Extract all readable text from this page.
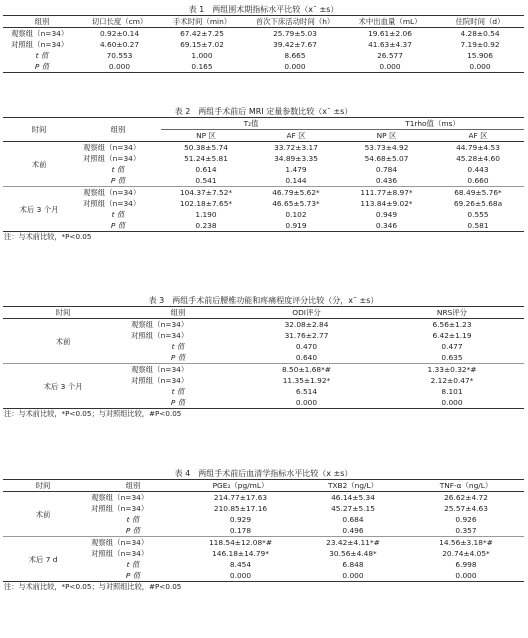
表 1　两组围术期指标水平比较（x¯ ±s）
组别	切口长度（cm）	手术时间（min）	首次下床活动时间（h）	术中出血量（mL）	住院时间（d）
观察组（n=34）	0.92±0.14	67.42±7.25	25.79±5.03	19.61±2.06	4.28±0.54
对照组（n=34）	4.60±0.27	69.15±7.02	39.42±7.67	41.63±4.37	7.19±0.92
t 值	70.553	1.000	8.665	26.577	15.906
P 值	0.000	0.165	0.000	0.000	0.000
表 2　两组手术前后 MRI 定量参数比较（x¯ ±s）
时间	组别	T₂值		T1rho值（ms）	
		NP 区	AF 区	NP 区	AF 区
术前	观察组（n=34）	50.38±5.74	33.72±3.17	53.73±4.92	44.79±4.53
	对照组（n=34）	51.24±5.81	34.89±3.35	54.68±5.07	45.28±4.60
	t 值	0.614	1.479	0.784	0.443
	P 值	0.541	0.144	0.436	0.660
术后 3 个月	观察组（n=34）	104.37±7.52*	46.79±5.62*	111.77±8.97*	68.49±5.76*
	对照组（n=34）	102.18±7.65*	46.65±5.73*	113.84±9.02*	69.26±5.68a
	t 值	1.190	0.102	0.949	0.555
	P 值	0.238	0.919	0.346	0.581
注：与术前比较，*P<0.05
表 3　两组手术前后腰椎功能和疼痛程度评分比较（分，x¯ ±s）
时间	组别	ODI评分	NRS评分
术前	观察组（n=34）	32.08±2.84	6.56±1.23
	对照组（n=34）	31.76±2.77	6.42±1.19
	t 值	0.470	0.477
	P 值	0.640	0.635
术后 3 个月	观察组（n=34）	8.50±1.68*#	1.33±0.32*#
	对照组（n=34）	11.35±1.92*	2.12±0.47*
	t 值	6.514	8.101
	P 值	0.000	0.000
注：与术前比较，*P<0.05；与对照组比较，#P<0.05
表 4　两组手术前后血清学指标水平比较（x ±s）
时间	组别	PGE₂（pg/mL）	TXB2（ng/L）	TNF-α（ng/L）
术前	观察组（n=34）	214.77±17.63	46.14±5.34	26.62±4.72
	对照组（n=34）	210.85±17.16	45.27±5.15	25.57±4.63
	t 值	0.929	0.684	0.926
	P 值	0.178	0.496	0.357
术后 7 d	观察组（n=34）	118.54±12.08*#	23.42±4.11*#	14.56±3.18*#
	对照组（n=34）	146.18±14.79*	30.56±4.48*	20.74±4.05*
	t 值	8.454	6.848	6.998
	P 值	0.000	0.000	0.000
注：与术前比较，*P<0.05；与对照组比较，#P<0.05
